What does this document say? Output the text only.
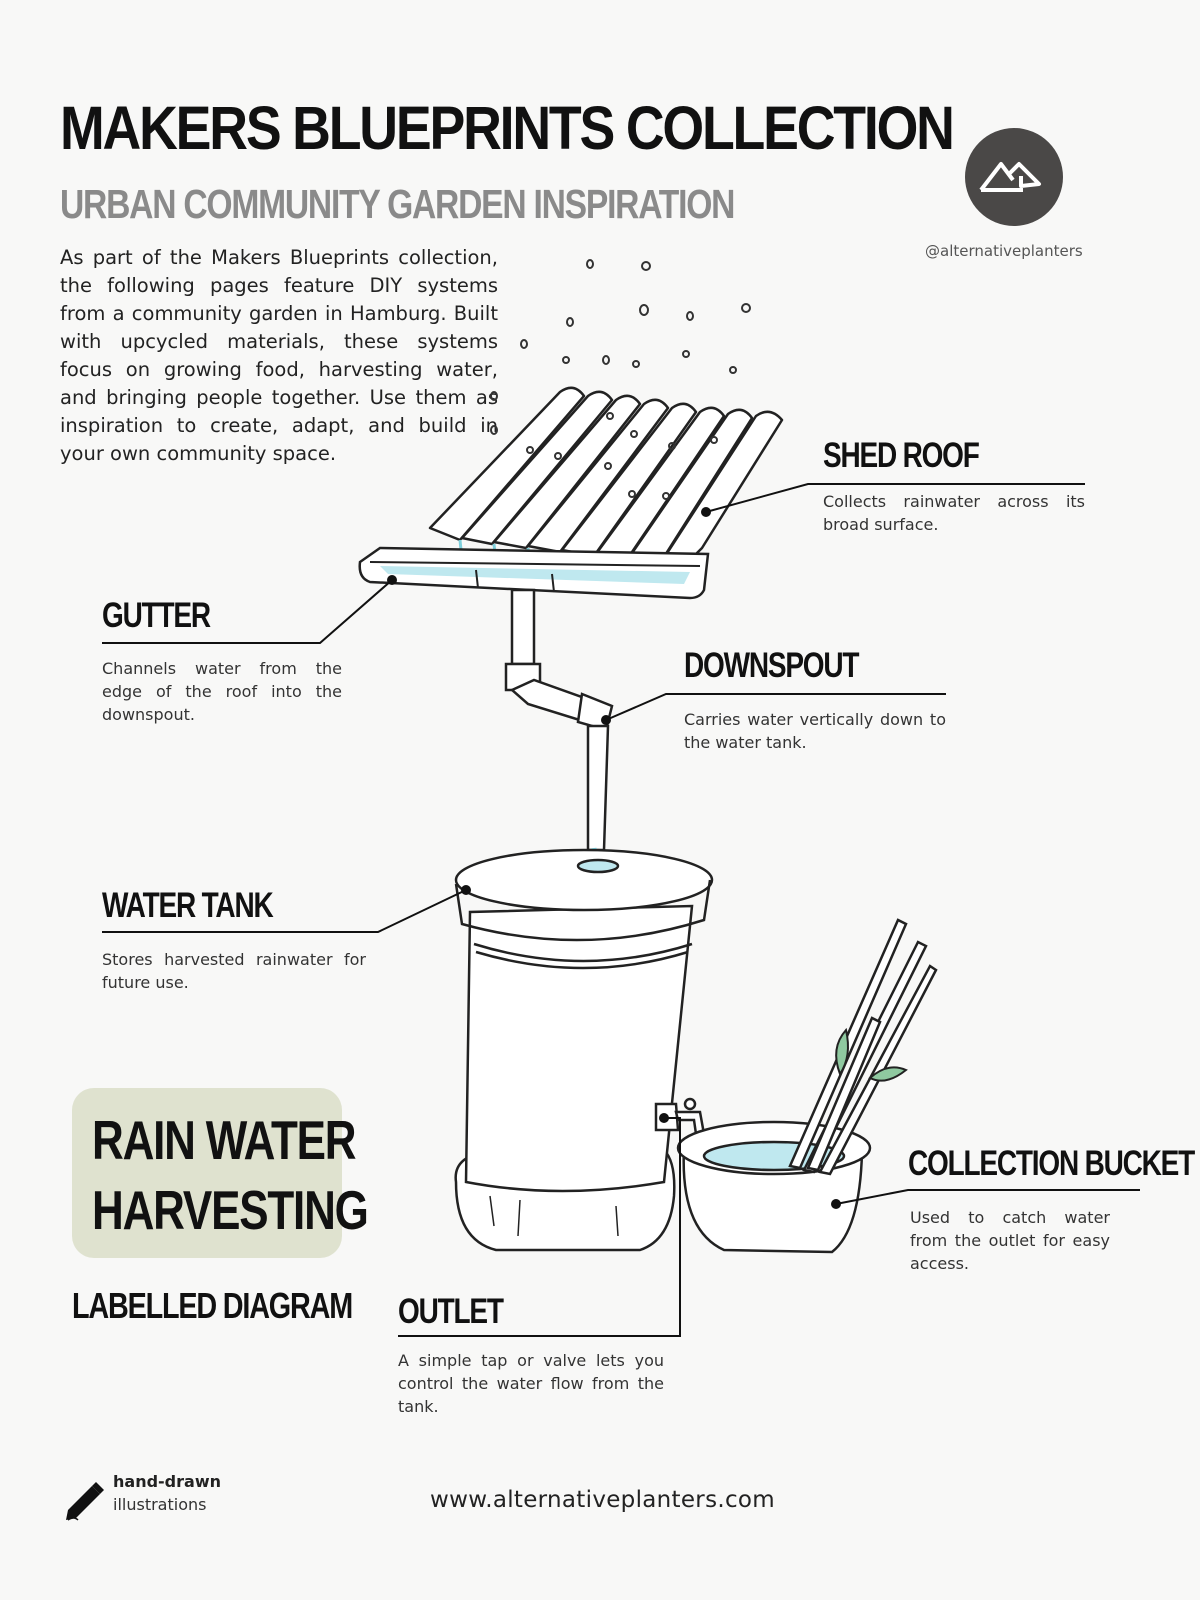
MAKERS BLUEPRINTS COLLECTION
URBAN COMMUNITY GARDEN INSPIRATION
As part of the Makers Blueprints collection, the following pages feature DIY systems from a community garden in Hamburg. Built with upcycled materials, these systems focus on growing food, harvesting water, and bringing people together. Use them as inspiration to create, adapt, and build in your own community space.
@alternativeplanters
SHED ROOF
Collects rainwater across its broad surface.
GUTTER
Channels water from the edge of the roof into the downspout.
DOWNSPOUT
Carries water vertically down to the water tank.
WATER TANK
Stores harvested rainwater for future use.
COLLECTION BUCKET
Used to catch water from the outlet for easy access.
OUTLET
A simple tap or valve lets you control the water flow from the tank.
RAIN WATER
HARVESTING
LABELLED DIAGRAM
hand-drawn
illustrations	www.alternativeplanters.com
